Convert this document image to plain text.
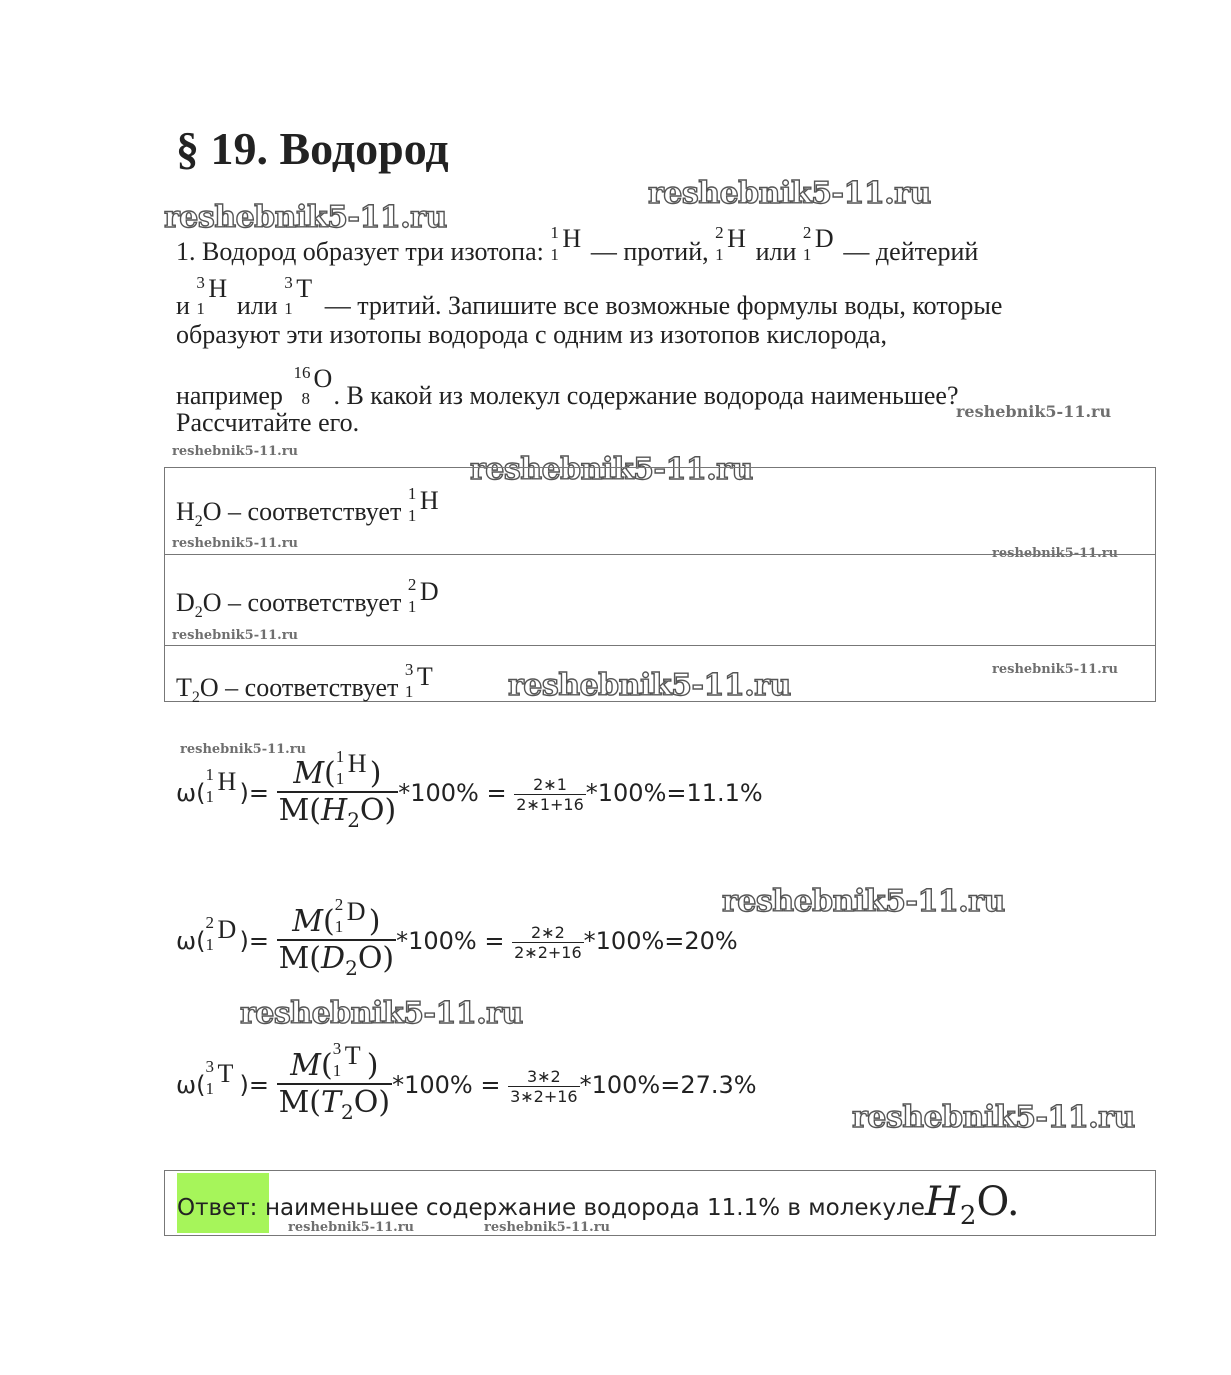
§ 19. Водород
reshebnik5-11.ru
reshebnik5-11.ru
reshebnik5-11.ru
reshebnik5-11.ru
reshebnik5-11.ru
reshebnik5-11.ru
reshebnik5-11.ru
reshebnik5-11.ru
reshebnik5-11.ru
reshebnik5-11.ru
reshebnik5-11.ru
reshebnik5-11.ru
reshebnik5-11.ru
reshebnik5-11.ru
reshebnik5-11.ru	reshebnik5-11.ru
1. Водород образует три изотопа:
1
1
H — протий,
2
1
H или
2
1
D — дейтерий
и
3
1
H
или
3
1
T
— тритий. Запишите все возможные формулы воды, которые
образуют эти изотопы водорода с одним из изотопов кислорода,
например
16
8
O
. В какой из молекул содержание водорода наименьшее?
Рассчитайте его.
$H_2O$ – соответствует
1
1
H
$D_2O$ – соответствует
2
1
D
$T_2O$ – соответствует
3
1
T
ω(
1
1
H )= M( 1
1
H )
$M(H_2O) *100\% = \frac{2∗1}{2∗1+16} *100\%=11.1\%$
ω(
2
1
D )= M( 2
1
D )
$M(D_2O) *100\% = \frac{2∗2}{2∗2+16} *100\%=20\%$
ω(
3
1
T )= M( 3
1
T )
$M(T_2O) *100\% = \frac{3∗2}{3∗2+16} *100\%=27.3\%$
Ответ: наименьшее содержание водорода 11.1% в молекуле $H_2O$.
